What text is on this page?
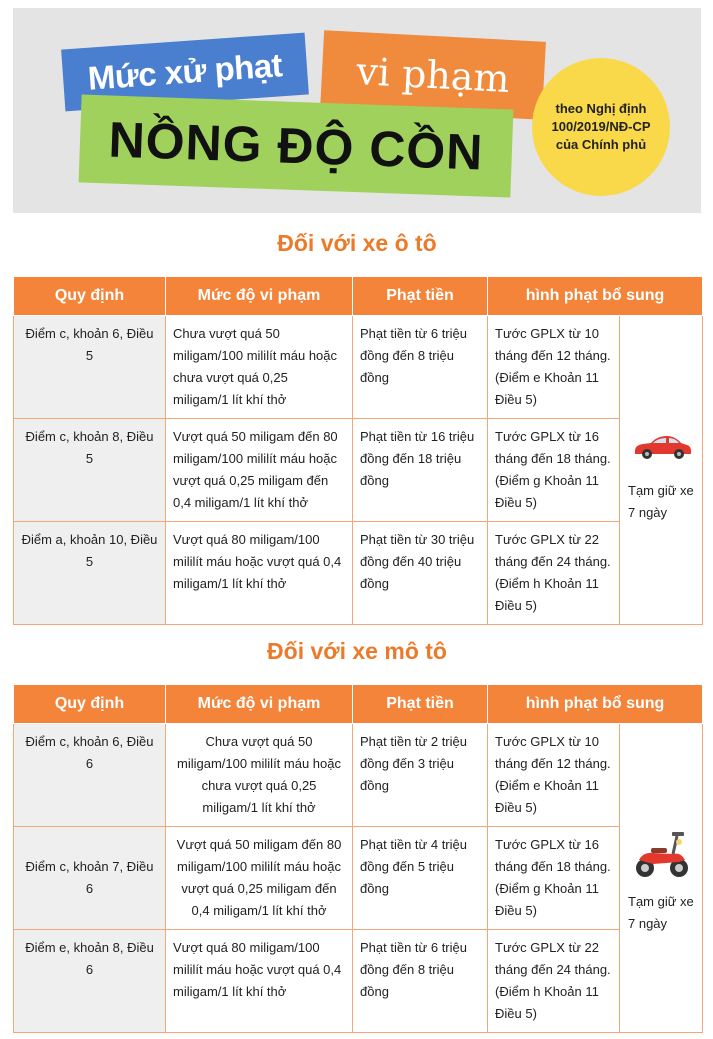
Mức xử phạt	vi phạm
NỒNG ĐỘ CỒN
theo Nghị định
100/2019/NĐ-CP
của Chính phủ
Đối với xe ô tô
Quy định	Mức độ vi phạm	Phạt tiền	hình phạt bổ sung	
Điểm c, khoản 6, Điều 5	Chưa vượt quá 50 miligam/100 mililít máu hoặc chưa vượt quá 0,25 miligam/1 lít khí thở	Phạt tiền từ 6 triệu đồng đến 8 triệu đồng	Tước GPLX từ 10 tháng đến 12 tháng. (Điểm e Khoản 11 Điều 5)	Tạm giữ xe 7 ngày

Điểm c, khoản 8, Điều 5	Vượt quá 50 miligam đến 80 miligam/100 mililít máu hoặc vượt quá 0,25 miligam đến 0,4 miligam/1 lít khí thở	Phạt tiền từ 16 triệu đồng đến 18 triệu đồng	Tước GPLX từ 16 tháng đến 18 tháng. (Điểm g Khoản 11 Điều 5)	
Điểm a, khoản 10, Điều 5	Vượt quá 80 miligam/100 mililít máu hoặc vượt quá 0,4 miligam/1 lít khí thở	Phạt tiền từ 30 triệu đồng đến 40 triệu đồng	Tước GPLX từ 22 tháng đến 24 tháng. (Điểm h Khoản 11 Điều 5)	
Đối với xe mô tô
Quy định	Mức độ vi phạm	Phạt tiền	hình phạt bổ sung	
Điểm c, khoản 6, Điều 6	Chưa vượt quá 50 miligam/100 mililít máu hoặc chưa vượt quá 0,25 miligam/1 lít khí thở	Phạt tiền từ 2 triệu đồng đến 3 triệu đồng	Tước GPLX từ 10 tháng đến 12 tháng. (Điểm e Khoản 11 Điều 5)	Tạm giữ xe 7 ngày

Điểm c, khoản 7, Điều 6	Vượt quá 50 miligam đến 80 miligam/100 mililít máu hoặc vượt quá 0,25 miligam đến 0,4 miligam/1 lít khí thở	Phạt tiền từ 4 triệu đồng đến 5 triệu đồng	Tước GPLX từ 16 tháng đến 18 tháng. (Điểm g Khoản 11 Điều 5)	
Điểm e, khoản 8, Điều 6	Vượt quá 80 miligam/100 mililít máu hoặc vượt quá 0,4 miligam/1 lít khí thở	Phạt tiền từ 6 triệu đồng đến 8 triệu đồng	Tước GPLX từ 22 tháng đến 24 tháng. (Điểm h Khoản 11 Điều 5)	
